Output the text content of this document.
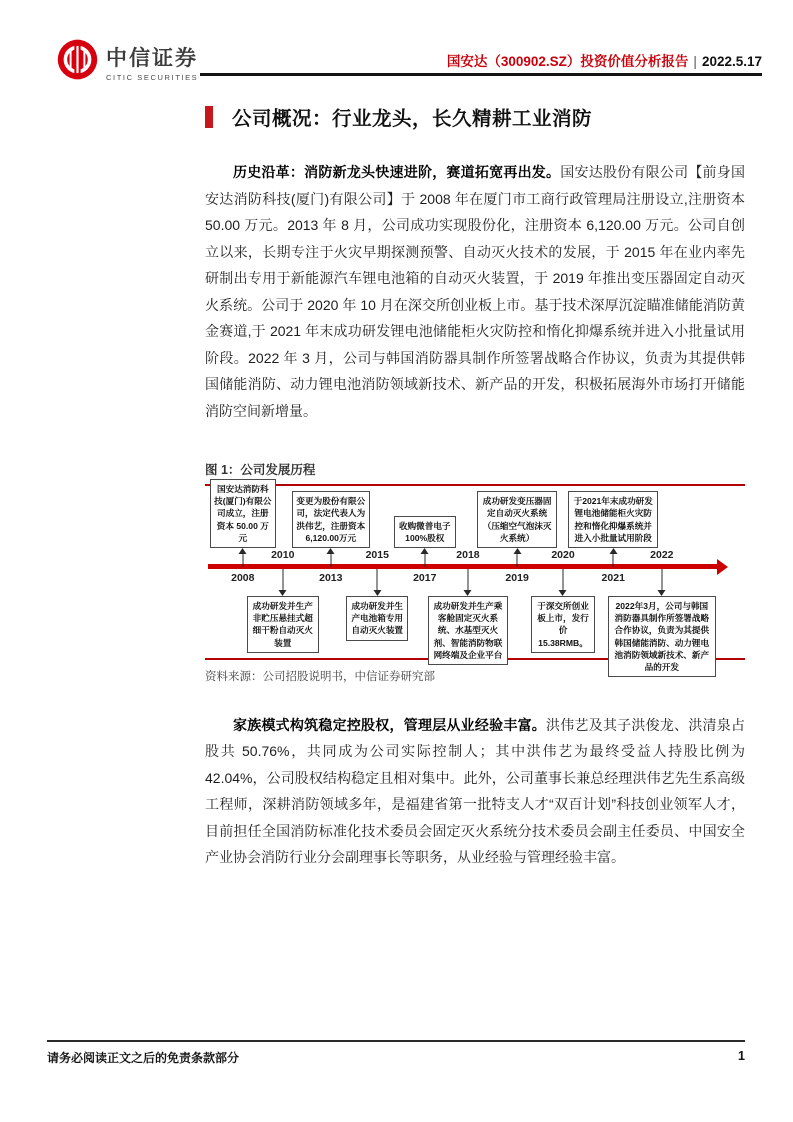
中信证券
CITIC SECURITIES
国安达（300902.SZ）投资价值分析报告 | 2022.5.17
公司概况：行业龙头，长久精耕工业消防

历史沿革：消防新龙头快速进阶，赛道拓宽再出发。国安达股份有限公司【前身国安达消防科技(厦门)有限公司】于 2008 年在厦门市工商行政管理局注册设立,注册资本 50.00 万元。2013 年 8 月，公司成功实现股份化，注册资本 6,120.00 万元。公司自创立以来，长期专注于火灾早期探测预警、自动灭火技术的发展，于 2015 年在业内率先研制出专用于新能源汽车锂电池箱的自动灭火装置，于 2019 年推出变压器固定自动灭火系统。公司于 2020 年 10 月在深交所创业板上市。基于技术深厚沉淀瞄准储能消防黄金赛道,于 2021 年末成功研发锂电池储能柜火灾防控和惰化抑爆系统并进入小批量试用阶段。2022 年 3 月，公司与韩国消防器具制作所签署战略合作协议，负责为其提供韩国储能消防、动力锂电池消防领域新技术、新产品的开发，积极拓展海外市场打开储能消防空间新增量。

图 1：公司发展历程
国安达消防科技(厦门)有限公司成立，注册资本 50.00 万元
2008
成功研发并生产非贮压悬挂式超细干粉自动灭火装置
2010
变更为股份有限公司，法定代表人为洪伟艺，注册资本6,120.00万元
2013
成功研发并生产电池箱专用自动灭火装置
2015
收购微普电子 100%股权
2017
成功研发并生产乘客舱固定灭火系统、水基型灭火剂、智能消防物联网终端及企业平台
2018
成功研发变压器固定自动灭火系统（压缩空气泡沫灭火系统）
2019
于深交所创业板上市，发行价15.38RMB。
2020
于2021年末成功研发锂电池储能柜火灾防控和惰化抑爆系统并进入小批量试用阶段
2021
2022年3月，公司与韩国消防器具制作所签署战略合作协议，负责为其提供韩国储能消防、动力锂电池消防领域新技术、新产品的开发
2022
资料来源：公司招股说明书，中信证券研究部

家族模式构筑稳定控股权，管理层从业经验丰富。洪伟艺及其子洪俊龙、洪清泉占股共 50.76%，共同成为公司实际控制人；其中洪伟艺为最终受益人持股比例为 42.04%，公司股权结构稳定且相对集中。此外，公司董事长兼总经理洪伟艺先生系高级工程师，深耕消防领域多年，是福建省第一批特支人才“双百计划”科技创业领军人才，目前担任全国消防标准化技术委员会固定灭火系统分技术委员会副主任委员、中国安全产业协会消防行业分会副理事长等职务，从业经验与管理经验丰富。

请务必阅读正文之后的免责条款部分	1
